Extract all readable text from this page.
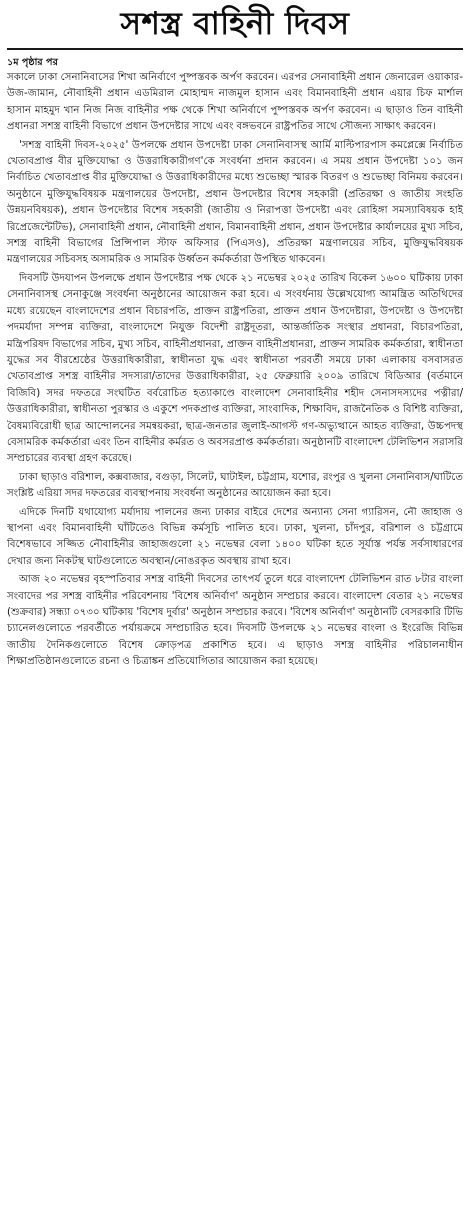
সশস্ত্র বাহিনী দিবস
১ম পৃষ্ঠার পর

সকালে ঢাকা সেনানিবাসের শিখা অনির্বাণে পুষ্পস্তবক অর্পণ করবেন। এরপর সেনাবাহিনী প্রধান জেনারেল ওয়াকার-উজ-জামান, নৌবাহিনী প্রধান এডমিরাল মোহাম্মদ নাজমুল হাসান এবং বিমানবাহিনী প্রধান এয়ার চিফ মার্শাল হাসান মাহমুদ খান নিজ নিজ বাহিনীর পক্ষ থেকে শিখা অনির্বাণে পুষ্পস্তবক অর্পণ করবেন। এ ছাড়াও তিন বাহিনী প্রধানরা সশস্ত্র বাহিনী বিভাগে প্রধান উপদেষ্টার সাথে এবং বঙ্গভবনে রাষ্ট্রপতির সাথে সৌজন্য সাক্ষাৎ করবেন।

'সশস্ত্র বাহিনী দিবস-২০২৫' উপলক্ষে প্রধান উপদেষ্টা ঢাকা সেনানিবাসস্থ আর্মি মাল্টিপারপাস কমপ্লেক্সে নির্বাচিত খেতাবপ্রাপ্ত বীর মুক্তিযোদ্ধা ও উত্তরাধিকারীগণ'কে সংবর্ধনা প্রদান করবেন। এ সময় প্রধান উপদেষ্টা ১০১ জন নির্বাচিত খেতাবপ্রাপ্ত বীর মুক্তিযোদ্ধা ও উত্তরাধিকারীদের মধ্যে শুভেচ্ছা স্মারক বিতরণ ও শুভেচ্ছা বিনিময় করবেন। অনুষ্ঠানে মুক্তিযুদ্ধবিষয়ক মন্ত্রণালয়ের উপদেষ্টা, প্রধান উপদেষ্টার বিশেষ সহকারী (প্রতিরক্ষা ও জাতীয় সংহতি উন্নয়নবিষয়ক), প্রধান উপদেষ্টার বিশেষ সহকারী (জাতীয় ও নিরাপত্তা উপদেষ্টা এবং রোহিঙ্গা সমস্যাবিষয়ক হাই রিপ্রেজেন্টেটিভ), সেনাবাহিনী প্রধান, নৌবাহিনী প্রধান, বিমানবাহিনী প্রধান, প্রধান উপদেষ্টার কার্যালয়ের মুখ্য সচিব, সশস্ত্র বাহিনী বিভাগের প্রিন্সিপাল স্টাফ অফিসার (পিএসও), প্রতিরক্ষা মন্ত্রণালয়ের সচিব, মুক্তিযুদ্ধবিষয়ক মন্ত্রণালয়ের সচিবসহ অসামরিক ও সামরিক উর্ধ্বতন কর্মকর্তারা উপস্থিত থাকবেন।

দিবসটি উদযাপন উপলক্ষে প্রধান উপদেষ্টার পক্ষ থেকে ২১ নভেম্বর ২০২৫ তারিখ বিকেল ১৬০০ ঘটিকায় ঢাকা সেনানিবাসস্থ সেনাকুঞ্জে সংবর্ধনা অনুষ্ঠানের আয়োজন করা হবে। এ সংবর্ধনায় উল্লেখযোগ্য আমন্ত্রিত অতিথিদের মধ্যে রয়েছেন বাংলাদেশের প্রধান বিচারপতি, প্রাক্তন রাষ্ট্রপতিরা, প্রাক্তন প্রধান উপদেষ্টারা, উপদেষ্টা ও উপদেষ্টা পদমর্যাদা সম্পন্ন ব্যক্তিরা, বাংলাদেশে নিযুক্ত বিদেশী রাষ্ট্রদূতরা, আন্তর্জাতিক সংস্থার প্রধানরা, বিচারপতিরা, মন্ত্রিপরিষদ বিভাগের সচিব, মুখ্য সচিব, বাহিনীপ্রধানরা, প্রাক্তন বাহিনীপ্রধানরা, প্রাক্তন সামরিক কর্মকর্তারা, স্বাধীনতা যুদ্ধের সব বীরশ্রেষ্ঠের উত্তরাধিকারীরা, স্বাধীনতা যুদ্ধ এবং স্বাধীনতা পরবর্তী সময়ে ঢাকা এলাকায় বসবাসরত খেতাবপ্রাপ্ত সশস্ত্র বাহিনীর সদস্যরা/তাদের উত্তরাধিকারীরা, ২৫ ফেব্রুয়ারি ২০০৯ তারিখে বিডিআর (বর্তমানে বিজিবি) সদর দফতরে সংঘটিত বর্বরোচিত হত্যাকাণ্ডে বাংলাদেশ সেনাবাহিনীর শহীদ সেনাসদস্যদের পত্নীরা/উত্তরাধিকারীরা, স্বাধীনতা পুরস্কার ও একুশে পদকপ্রাপ্ত ব্যক্তিরা, সাংবাদিক, শিক্ষাবিদ, রাজনৈতিক ও বিশিষ্ট ব্যক্তিরা, বৈষম্যবিরোধী ছাত্র আন্দোলনের সমন্বয়করা, ছাত্র-জনতার জুলাই-আগস্ট গণ-অভ্যুত্থানে আহত ব্যক্তিরা, উচ্চপদস্থ বেসামরিক কর্মকর্তারা এবং তিন বাহিনীর কর্মরত ও অবসরপ্রাপ্ত কর্মকর্তারা। অনুষ্ঠানটি বাংলাদেশ টেলিভিশন সরাসরি সম্প্রচারের ব্যবস্থা গ্রহণ করেছে।

ঢাকা ছাড়াও বরিশাল, কক্সবাজার, বগুড়া, সিলেট, ঘাটাইল, চট্টগ্রাম, যশোর, রংপুর ও খুলনা সেনানিবাস/ঘাটিতে সংশ্লিষ্ট এরিয়া সদর দফতরের ব্যবস্থাপনায় সংবর্ধনা অনুষ্ঠানের আয়োজন করা হবে।

এদিকে দিনটি যথাযোগ্য মর্যাদায় পালনের জন্য ঢাকার বাইরে দেশের অন্যান্য সেনা গ্যারিসন, নৌ জাহাজ ও স্থাপনা এবং বিমানবাহিনী ঘাঁটিতেও বিভিন্ন কর্মসূচি পালিত হবে। ঢাকা, খুলনা, চাঁদপুর, বরিশাল ও চট্টগ্রামে বিশেষভাবে সজ্জিত নৌবাহিনীর জাহাজগুলো ২১ নভেম্বর বেলা ১৪০০ ঘটিকা হতে সূর্যাস্ত পর্যন্ত সর্বসাধারণের দেখার জন্য নিকটস্থ ঘাটগুলোতে অবস্থান/নোঙরকৃত অবস্থায় রাখা হবে।

আজ ২০ নভেম্বর বৃহস্পতিবার সশস্ত্র বাহিনী দিবসের তাৎপর্য তুলে ধরে বাংলাদেশ টেলিভিশন রাত ৮টার বাংলা সংবাদের পর সশস্ত্র বাহিনীর পরিবেশনায় 'বিশেষ অনির্বাণ' অনুষ্ঠান সম্প্রচার করবে। বাংলাদেশ বেতার ২১ নভেম্বর (শুক্রবার) সন্ধ্যা ০৭৩০ ঘটিকায় 'বিশেষ দুর্বার' অনুষ্ঠান সম্প্রচার করবে। 'বিশেষ অনির্বাণ' অনুষ্ঠানটি বেসরকারি টিভি চ্যানেলগুলোতে পরবর্তীতে পর্যায়ক্রমে সম্প্রচারিত হবে। দিবসটি উপলক্ষে ২১ নভেম্বর বাংলা ও ইংরেজি বিভিন্ন জাতীয় দৈনিকগুলোতে বিশেষ ক্রোড়পত্র প্রকাশিত হবে। এ ছাড়াও সশস্ত্র বাহিনীর পরিচালনাধীন শিক্ষাপ্রতিষ্ঠানগুলোতে রচনা ও চিত্রাঙ্কন প্রতিযোগিতার আয়োজন করা হয়েছে।
